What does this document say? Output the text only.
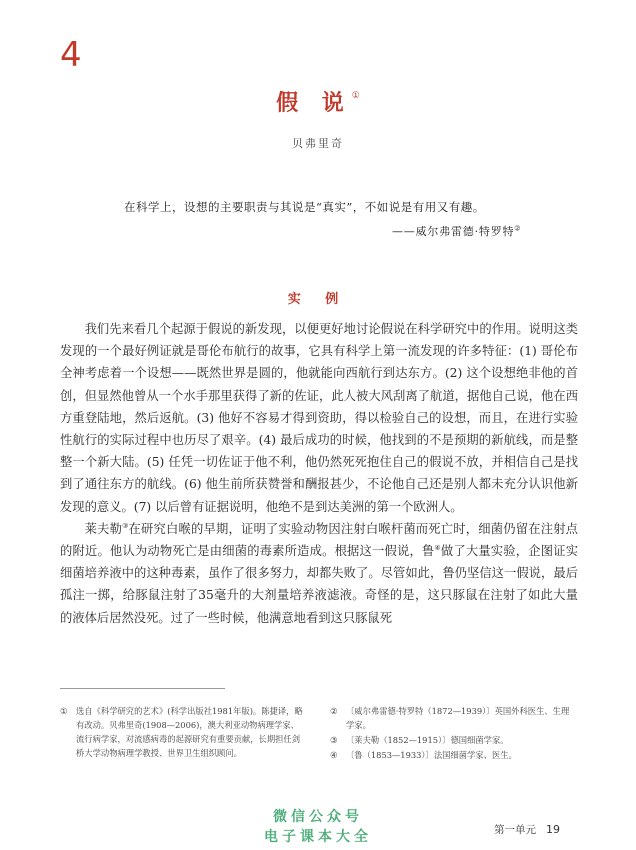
4
假 说①
贝弗里奇
在科学上，设想的主要职责与其说是“真实”，不如说是有用又有趣。
——威尔弗雷德·特罗特②
实 例

我们先来看几个起源于假说的新发现，以便更好地讨论假说在科学研究中的作用。说明这类发现的一个最好例证就是哥伦布航行的故事，它具有科学上第一流发现的许多特征：(1) 哥伦布全神考虑着一个设想——既然世界是圆的，他就能向西航行到达东方。(2) 这个设想绝非他的首创，但显然他曾从一个水手那里获得了新的佐证，此人被大风刮离了航道，据他自己说，他在西方重登陆地，然后返航。(3) 他好不容易才得到资助，得以检验自己的设想，而且，在进行实验性航行的实际过程中也历尽了艰辛。(4) 最后成功的时候，他找到的不是预期的新航线，而是整整一个新大陆。(5) 任凭一切佐证于他不利，他仍然死死抱住自己的假说不放，并相信自己是找到了通往东方的航线。(6) 他生前所获赞誉和酬报甚少，不论他自己还是别人都未充分认识他新发现的意义。(7) 以后曾有证据说明，他绝不是到达美洲的第一个欧洲人。

莱夫勒③在研究白喉的早期，证明了实验动物因注射白喉杆菌而死亡时，细菌仍留在注射点的附近。他认为动物死亡是由细菌的毒素所造成。根据这一假说，鲁④做了大量实验，企图证实细菌培养液中的这种毒素，虽作了很多努力，却都失败了。尽管如此，鲁仍坚信这一假说，最后孤注一掷，给豚鼠注射了35毫升的大剂量培养液滤液。奇怪的是，这只豚鼠在注射了如此大量的液体后居然没死。过了一些时候，他满意地看到这只豚鼠死

①	选自《科学研究的艺术》(科学出版社1981年版)。陈捷译，略有改动。贝弗里奇(1908—2006)，澳大利亚动物病理学家、流行病学家，对流感病毒的起源研究有重要贡献，长期担任剑桥大学动物病理学教授、世界卫生组织顾问。
②	〔威尔弗雷德·特罗特（1872—1939）〕英国外科医生、生理学家。
③	〔莱夫勒（1852—1915）〕德国细菌学家。
④	〔鲁（1853—1933）〕法国细菌学家、医生。
微信公众号
电子课本大全	第一单元 19
